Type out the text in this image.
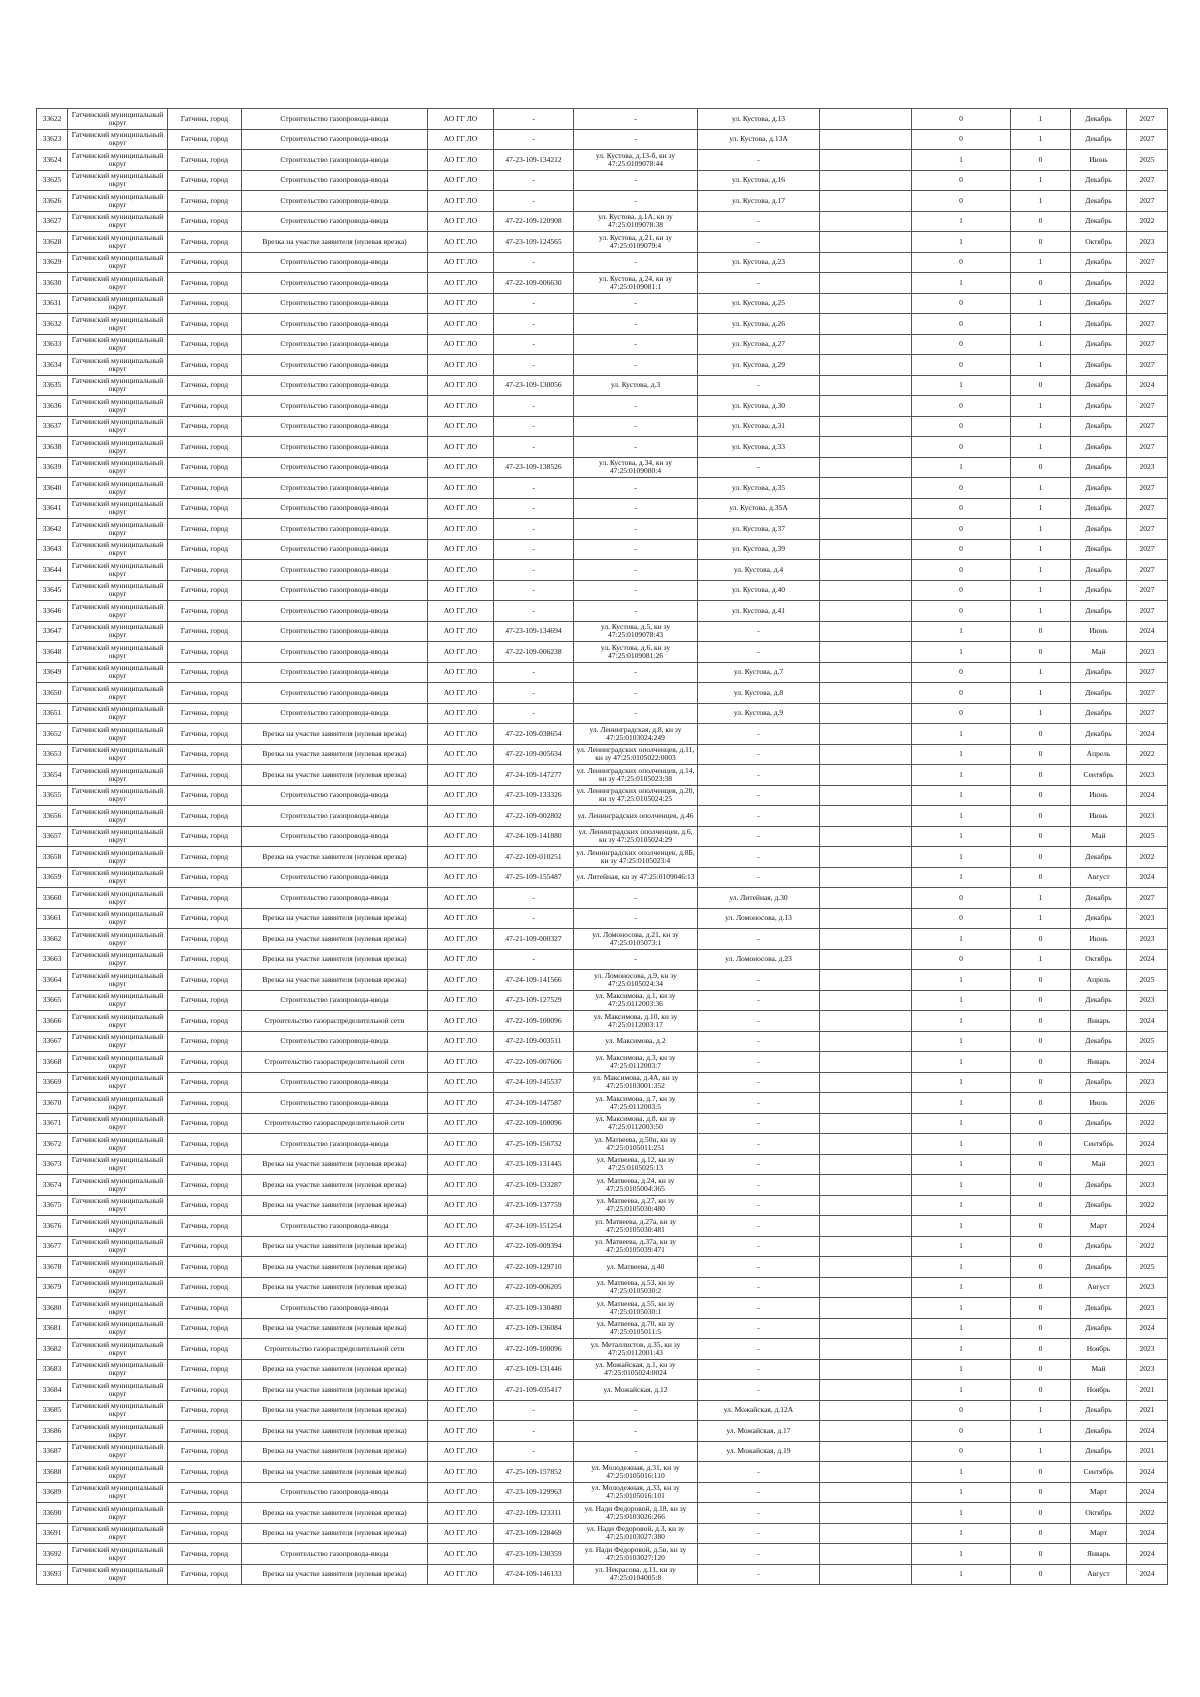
33622	Гатчинский муниципальный округ	Гатчина, город	Строительство газопровода-ввода	АО ГГ ЛО	-	-	ул. Кустова, д.13		0	1	Декабрь	2027
33623	Гатчинский муниципальный округ	Гатчина, город	Строительство газопровода-ввода	АО ГГ ЛО	-	-	ул. Кустова, д.13А		0	1	Декабрь	2027
33624	Гатчинский муниципальный округ	Гатчина, город	Строительство газопровода-ввода	АО ГГ ЛО	47-23-109-134212	ул. Кустова, д.13-б, кн зу 47:25:0109078:44	-		1	0	Июнь	2025
33625	Гатчинский муниципальный округ	Гатчина, город	Строительство газопровода-ввода	АО ГГ ЛО	-	-	ул. Кустова, д.16		0	1	Декабрь	2027
33626	Гатчинский муниципальный округ	Гатчина, город	Строительство газопровода-ввода	АО ГГ ЛО	-	-	ул. Кустова, д.17		0	1	Декабрь	2027
33627	Гатчинский муниципальный округ	Гатчина, город	Строительство газопровода-ввода	АО ГГ ЛО	47-22-109-120908	ул. Кустова, д.1А, кн зу 47:25:0109078:38	-		1	0	Декабрь	2022
33628	Гатчинский муниципальный округ	Гатчина, город	Врезка на участке заявителя (нулевая врезка)	АО ГГ ЛО	47-23-109-124565	ул. Кустова, д.21, кн зу 47:25:0109079:4	-		1	0	Октябрь	2023
33629	Гатчинский муниципальный округ	Гатчина, город	Строительство газопровода-ввода	АО ГГ ЛО	-	-	ул. Кустова, д.23		0	1	Декабрь	2027
33630	Гатчинский муниципальный округ	Гатчина, город	Строительство газопровода-ввода	АО ГГ ЛО	47-22-109-006630	ул. Кустова, д.24, кн зу 47:25:0109081:1	-		1	0	Декабрь	2022
33631	Гатчинский муниципальный округ	Гатчина, город	Строительство газопровода-ввода	АО ГГ ЛО	-	-	ул. Кустова, д.25		0	1	Декабрь	2027
33632	Гатчинский муниципальный округ	Гатчина, город	Строительство газопровода-ввода	АО ГГ ЛО	-	-	ул. Кустова, д.26		0	1	Декабрь	2027
33633	Гатчинский муниципальный округ	Гатчина, город	Строительство газопровода-ввода	АО ГГ ЛО	-	-	ул. Кустова, д.27		0	1	Декабрь	2027
33634	Гатчинский муниципальный округ	Гатчина, город	Строительство газопровода-ввода	АО ГГ ЛО	-	-	ул. Кустова, д.29		0	1	Декабрь	2027
33635	Гатчинский муниципальный округ	Гатчина, город	Строительство газопровода-ввода	АО ГГ ЛО	47-23-109-130056	ул. Кустова, д.3	-		1	0	Декабрь	2024
33636	Гатчинский муниципальный округ	Гатчина, город	Строительство газопровода-ввода	АО ГГ ЛО	-	-	ул. Кустова, д.30		0	1	Декабрь	2027
33637	Гатчинский муниципальный округ	Гатчина, город	Строительство газопровода-ввода	АО ГГ ЛО	-	-	ул. Кустова, д.31		0	1	Декабрь	2027
33638	Гатчинский муниципальный округ	Гатчина, город	Строительство газопровода-ввода	АО ГГ ЛО	-	-	ул. Кустова, д.33		0	1	Декабрь	2027
33639	Гатчинский муниципальный округ	Гатчина, город	Строительство газопровода-ввода	АО ГГ ЛО	47-23-109-138526	ул. Кустова, д.34, кн зу 47:25:0109080:4	-		1	0	Декабрь	2023
33640	Гатчинский муниципальный округ	Гатчина, город	Строительство газопровода-ввода	АО ГГ ЛО	-	-	ул. Кустова, д.35		0	1	Декабрь	2027
33641	Гатчинский муниципальный округ	Гатчина, город	Строительство газопровода-ввода	АО ГГ ЛО	-	-	ул. Кустова, д.35А		0	1	Декабрь	2027
33642	Гатчинский муниципальный округ	Гатчина, город	Строительство газопровода-ввода	АО ГГ ЛО	-	-	ул. Кустова, д.37		0	1	Декабрь	2027
33643	Гатчинский муниципальный округ	Гатчина, город	Строительство газопровода-ввода	АО ГГ ЛО	-	-	ул. Кустова, д.39		0	1	Декабрь	2027
33644	Гатчинский муниципальный округ	Гатчина, город	Строительство газопровода-ввода	АО ГГ ЛО	-	-	ул. Кустова, д.4		0	1	Декабрь	2027
33645	Гатчинский муниципальный округ	Гатчина, город	Строительство газопровода-ввода	АО ГГ ЛО	-	-	ул. Кустова, д.40		0	1	Декабрь	2027
33646	Гатчинский муниципальный округ	Гатчина, город	Строительство газопровода-ввода	АО ГГ ЛО	-	-	ул. Кустова, д.41		0	1	Декабрь	2027
33647	Гатчинский муниципальный округ	Гатчина, город	Строительство газопровода-ввода	АО ГГ ЛО	47-23-109-134694	ул. Кустова, д.5, кн зу 47:25:0109078:43	-		1	0	Июнь	2024
33648	Гатчинский муниципальный округ	Гатчина, город	Строительство газопровода-ввода	АО ГГ ЛО	47-22-109-006238	ул. Кустова, д.6, кн зу 47:25:0109081:26	-		1	0	Май	2023
33649	Гатчинский муниципальный округ	Гатчина, город	Строительство газопровода-ввода	АО ГГ ЛО	-	-	ул. Кустова, д.7		0	1	Декабрь	2027
33650	Гатчинский муниципальный округ	Гатчина, город	Строительство газопровода-ввода	АО ГГ ЛО	-	-	ул. Кустова, д.8		0	1	Декабрь	2027
33651	Гатчинский муниципальный округ	Гатчина, город	Строительство газопровода-ввода	АО ГГ ЛО	-	-	ул. Кустова, д.9		0	1	Декабрь	2027
33652	Гатчинский муниципальный округ	Гатчина, город	Врезка на участке заявителя (нулевая врезка)	АО ГГ ЛО	47-22-109-038654	ул. Ленинградская, д.8, кн зу 47:25:0103024:249	-		1	0	Декабрь	2024
33653	Гатчинский муниципальный округ	Гатчина, город	Врезка на участке заявителя (нулевая врезка)	АО ГГ ЛО	47-22-109-005634	ул. Ленинградских ополченцев, д.11, кн зу 47:25:0105022:0003	-		1	0	Апрель	2022
33654	Гатчинский муниципальный округ	Гатчина, город	Врезка на участке заявителя (нулевая врезка)	АО ГГ ЛО	47-24-109-147277	ул. Ленинградских ополченцев, д.14, кн зу 47:25:0105023:38	-		1	0	Сентябрь	2023
33655	Гатчинский муниципальный округ	Гатчина, город	Строительство газопровода-ввода	АО ГГ ЛО	47-23-109-133326	ул. Ленинградских ополченцев, д.20, кн зу 47:25:0105024:25	-		1	0	Июнь	2024
33656	Гатчинский муниципальный округ	Гатчина, город	Строительство газопровода-ввода	АО ГГ ЛО	47-22-109-002802	ул. Ленинградских ополченцев, д.46	-		1	0	Июнь	2023
33657	Гатчинский муниципальный округ	Гатчина, город	Строительство газопровода-ввода	АО ГГ ЛО	47-24-109-141880	ул. Ленинградских ополченцев, д.6, кн зу 47:25:0105024:29	-		1	0	Май	2025
33658	Гатчинский муниципальный округ	Гатчина, город	Врезка на участке заявителя (нулевая врезка)	АО ГГ ЛО	47-22-109-010251	ул. Ленинградских ополченцев, д.8Б, кн зу 47:25:0105023:4	-		1	0	Декабрь	2022
33659	Гатчинский муниципальный округ	Гатчина, город	Строительство газопровода-ввода	АО ГГ ЛО	47-25-109-155487	ул. Литейная, кн зу 47:25:0109046:13	-		1	0	Август	2024
33660	Гатчинский муниципальный округ	Гатчина, город	Строительство газопровода-ввода	АО ГГ ЛО	-	-	ул. Литейная, д.30		0	1	Декабрь	2027
33661	Гатчинский муниципальный округ	Гатчина, город	Врезка на участке заявителя (нулевая врезка)	АО ГГ ЛО	-	-	ул. Ломоносова, д.13		0	1	Декабрь	2023
33662	Гатчинский муниципальный округ	Гатчина, город	Врезка на участке заявителя (нулевая врезка)	АО ГГ ЛО	47-21-109-000327	ул. Ломоносова, д.21, кн зу 47:25:0105073:1	-		1	0	Июнь	2023
33663	Гатчинский муниципальный округ	Гатчина, город	Врезка на участке заявителя (нулевая врезка)	АО ГГ ЛО	-	-	ул. Ломоносова, д.23		0	1	Октябрь	2024
33664	Гатчинский муниципальный округ	Гатчина, город	Врезка на участке заявителя (нулевая врезка)	АО ГГ ЛО	47-24-109-141566	ул. Ломоносова, д.9, кн зу 47:25:0105024:34	-		1	0	Апрель	2025
33665	Гатчинский муниципальный округ	Гатчина, город	Строительство газопровода-ввода	АО ГГ ЛО	47-23-109-127529	ул. Максимова, д.1, кн зу 47:25:0112003:36	-		1	0	Декабрь	2023
33666	Гатчинский муниципальный округ	Гатчина, город	Строительство газораспределительной сети	АО ГГ ЛО	47-22-109-100096	ул. Максимова, д.10, кн зу 47:25:0112003:17	-		1	0	Январь	2024
33667	Гатчинский муниципальный округ	Гатчина, город	Строительство газопровода-ввода	АО ГГ ЛО	47-22-109-003511	ул. Максимова, д.2	-		1	0	Декабрь	2025
33668	Гатчинский муниципальный округ	Гатчина, город	Строительство газораспределительной сети	АО ГГ ЛО	47-22-109-007606	ул. Максимова, д.3, кн зу 47:25:0112003:7	-		1	0	Январь	2024
33669	Гатчинский муниципальный округ	Гатчина, город	Строительство газопровода-ввода	АО ГГ ЛО	47-24-109-145537	ул. Максимова, д.4А, кн зу 47:25:0103001:352	-		1	0	Декабрь	2023
33670	Гатчинский муниципальный округ	Гатчина, город	Строительство газопровода-ввода	АО ГГ ЛО	47-24-109-147587	ул. Максимова, д.7, кн зу 47:25:0112003:5	-		1	0	Июль	2026
33671	Гатчинский муниципальный округ	Гатчина, город	Строительство газораспределительной сети	АО ГГ ЛО	47-22-109-100096	ул. Максимова, д.8, кн зу 47:25:0112003:50	-		1	0	Декабрь	2022
33672	Гатчинский муниципальный округ	Гатчина, город	Строительство газопровода-ввода	АО ГГ ЛО	47-25-109-156732	ул. Матвеева, д.50н, кн зу 47:25:0105011:251	-		1	0	Сентябрь	2024
33673	Гатчинский муниципальный округ	Гатчина, город	Врезка на участке заявителя (нулевая врезка)	АО ГГ ЛО	47-23-109-131445	ул. Матвеева, д.12, кн зу 47:25:0105025:13	-		1	0	Май	2023
33674	Гатчинский муниципальный округ	Гатчина, город	Врезка на участке заявителя (нулевая врезка)	АО ГГ ЛО	47-23-109-133287	ул. Матвеева, д.24, кн зу 47:25:0105004:365	-		1	0	Декабрь	2023
33675	Гатчинский муниципальный округ	Гатчина, город	Врезка на участке заявителя (нулевая врезка)	АО ГГ ЛО	47-23-109-137759	ул. Матвеева, д.27, кн зу 47:25:0105030:480	-		1	0	Декабрь	2022
33676	Гатчинский муниципальный округ	Гатчина, город	Строительство газопровода-ввода	АО ГГ ЛО	47-24-109-151254	ул. Матвеева, д.27а, кн зу 47:25:0105030:481	-		1	0	Март	2024
33677	Гатчинский муниципальный округ	Гатчина, город	Врезка на участке заявителя (нулевая врезка)	АО ГГ ЛО	47-22-109-009394	ул. Матвеева, д.37а, кн зу 47:25:0105039:471	-		1	0	Декабрь	2022
33678	Гатчинский муниципальный округ	Гатчина, город	Врезка на участке заявителя (нулевая врезка)	АО ГГ ЛО	47-22-109-129710	ул. Матвеева, д.40	-		1	0	Декабрь	2025
33679	Гатчинский муниципальный округ	Гатчина, город	Врезка на участке заявителя (нулевая врезка)	АО ГГ ЛО	47-22-109-006205	ул. Матвеева, д.53, кн зу 47:25:0105030:2	-		1	0	Август	2023
33680	Гатчинский муниципальный округ	Гатчина, город	Строительство газопровода-ввода	АО ГГ ЛО	47-23-109-130480	ул. Матвеева, д.55, кн зу 47:25:0105030:1	-		1	0	Декабрь	2023
33681	Гатчинский муниципальный округ	Гатчина, город	Врезка на участке заявителя (нулевая врезка)	АО ГГ ЛО	47-23-109-136084	ул. Матвеева, д.70, кн зу 47:25:0105011:5	-		1	0	Декабрь	2024
33682	Гатчинский муниципальный округ	Гатчина, город	Строительство газораспределительной сети	АО ГГ ЛО	47-22-109-100096	ул. Металлистов, д.35, кн зу 47:25:0112001:43	-		1	0	Ноябрь	2023
33683	Гатчинский муниципальный округ	Гатчина, город	Врезка на участке заявителя (нулевая врезка)	АО ГГ ЛО	47-23-109-131446	ул. Можайская, д.1, кн зу 47:25:0105024:0024	-		1	0	Май	2023
33684	Гатчинский муниципальный округ	Гатчина, город	Врезка на участке заявителя (нулевая врезка)	АО ГГ ЛО	47-21-109-035417	ул. Можайская, д.12	-		1	0	Ноябрь	2021
33685	Гатчинский муниципальный округ	Гатчина, город	Врезка на участке заявителя (нулевая врезка)	АО ГГ ЛО	-	-	ул. Можайская, д.12А		0	1	Декабрь	2021
33686	Гатчинский муниципальный округ	Гатчина, город	Врезка на участке заявителя (нулевая врезка)	АО ГГ ЛО	-	-	ул. Можайская, д.17		0	1	Декабрь	2024
33687	Гатчинский муниципальный округ	Гатчина, город	Врезка на участке заявителя (нулевая врезка)	АО ГГ ЛО	-	-	ул. Можайская, д.19		0	1	Декабрь	2021
33688	Гатчинский муниципальный округ	Гатчина, город	Врезка на участке заявителя (нулевая врезка)	АО ГГ ЛО	47-25-109-157852	ул. Молодежная, д.31, кн зу 47:25:0105016:110	-		1	0	Сентябрь	2024
33689	Гатчинский муниципальный округ	Гатчина, город	Строительство газопровода-ввода	АО ГГ ЛО	47-23-109-129963	ул. Молодежная, д.33, кн зу 47:25:0105016:101	-		1	0	Март	2024
33690	Гатчинский муниципальный округ	Гатчина, город	Врезка на участке заявителя (нулевая врезка)	АО ГГ ЛО	47-22-109-123311	ул. Нади Федоровой, д.18, кн зу 47:25:0103026:266	-		1	0	Октябрь	2022
33691	Гатчинский муниципальный округ	Гатчина, город	Врезка на участке заявителя (нулевая врезка)	АО ГГ ЛО	47-23-109-128469	ул. Нади Федоровой, д.3, кн зу 47:25:0103027:380	-		1	0	Март	2024
33692	Гатчинский муниципальный округ	Гатчина, город	Строительство газопровода-ввода	АО ГГ ЛО	47-23-109-130359	ул. Нади Федоровой, д.5в, кн зу 47:25:0103027:120	-		1	0	Январь	2024
33693	Гатчинский муниципальный округ	Гатчина, город	Врезка на участке заявителя (нулевая врезка)	АО ГГ ЛО	47-24-109-146133	ул. Некрасова, д.11, кн зу 47:25:0104005:8	-		1	0	Август	2024
